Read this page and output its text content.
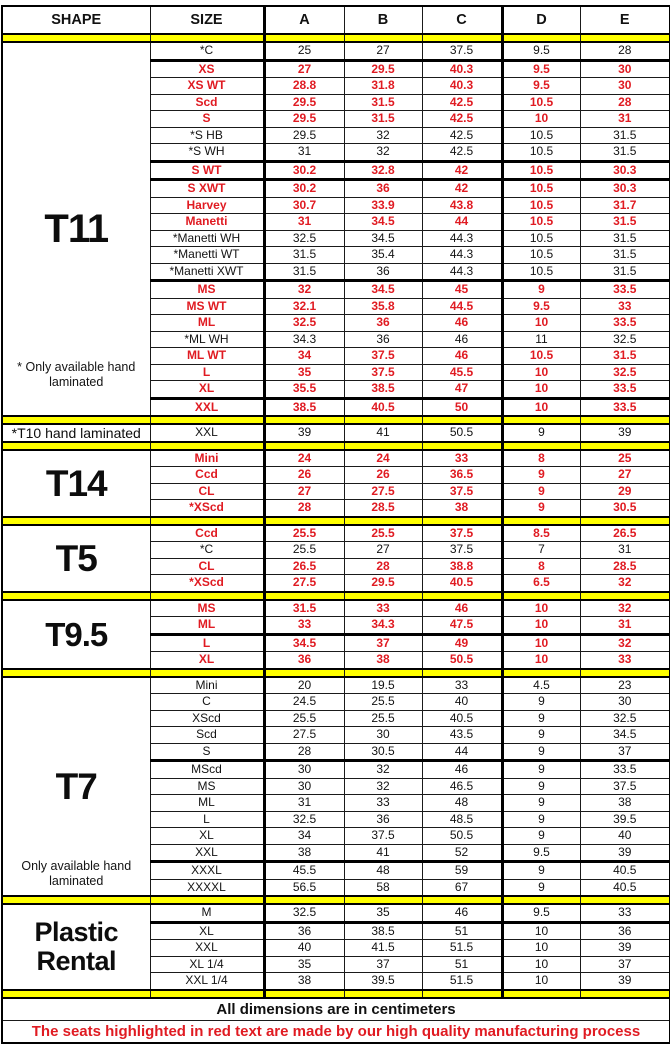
SHAPE	SIZE	A	B	C	D	E

T11
* Only available hand laminated	*C	25	27	37.5	9.5	28
	XS	27	29.5	40.3	9.5	30
	XS WT	28.8	31.8	40.3	9.5	30
	Scd	29.5	31.5	42.5	10.5	28
	S	29.5	31.5	42.5	10	31
	*S HB	29.5	32	42.5	10.5	31.5
	*S WH	31	32	42.5	10.5	31.5
	S WT	30.2	32.8	42	10.5	30.3
	S XWT	30.2	36	42	10.5	30.3
	Harvey	30.7	33.9	43.8	10.5	31.7
	Manetti	31	34.5	44	10.5	31.5
	*Manetti WH	32.5	34.5	44.3	10.5	31.5
	*Manetti WT	31.5	35.4	44.3	10.5	31.5
	*Manetti XWT	31.5	36	44.3	10.5	31.5
	MS	32	34.5	45	9	33.5
	MS WT	32.1	35.8	44.5	9.5	33
	ML	32.5	36	46	10	33.5
	*ML WH	34.3	36	46	11	32.5
	ML WT	34	37.5	46	10.5	31.5
	L	35	37.5	45.5	10	32.5
	XL	35.5	38.5	47	10	33.5
	XXL	38.5	40.5	50	10	33.5

*T10 hand laminated	XXL	39	41	50.5	9	39

T14	Mini	24	24	33	8	25
	Ccd	26	26	36.5	9	27
	CL	27	27.5	37.5	9	29
	*XScd	28	28.5	38	9	30.5

T5	Ccd	25.5	25.5	37.5	8.5	26.5
	*C	25.5	27	37.5	7	31
	CL	26.5	28	38.8	8	28.5
	*XScd	27.5	29.5	40.5	6.5	32

T9.5	MS	31.5	33	46	10	32
	ML	33	34.3	47.5	10	31
	L	34.5	37	49	10	32
	XL	36	38	50.5	10	33

T7
Only available hand laminated	Mini	20	19.5	33	4.5	23
	C	24.5	25.5	40	9	30
	XScd	25.5	25.5	40.5	9	32.5
	Scd	27.5	30	43.5	9	34.5
	S	28	30.5	44	9	37
	MScd	30	32	46	9	33.5
	MS	30	32	46.5	9	37.5
	ML	31	33	48	9	38
	L	32.5	36	48.5	9	39.5
	XL	34	37.5	50.5	9	40
	XXL	38	41	52	9.5	39
	XXXL	45.5	48	59	9	40.5
	XXXXL	56.5	58	67	9	40.5

Plastic Rental	M	32.5	35	46	9.5	33
	XL	36	38.5	51	10	36
	XXL	40	41.5	51.5	10	39
	XL 1/4	35	37	51	10	37
	XXL 1/4	38	39.5	51.5	10	39

All dimensions are in centimeters						
The seats highlighted in red text are made by our high quality manufacturing process						
